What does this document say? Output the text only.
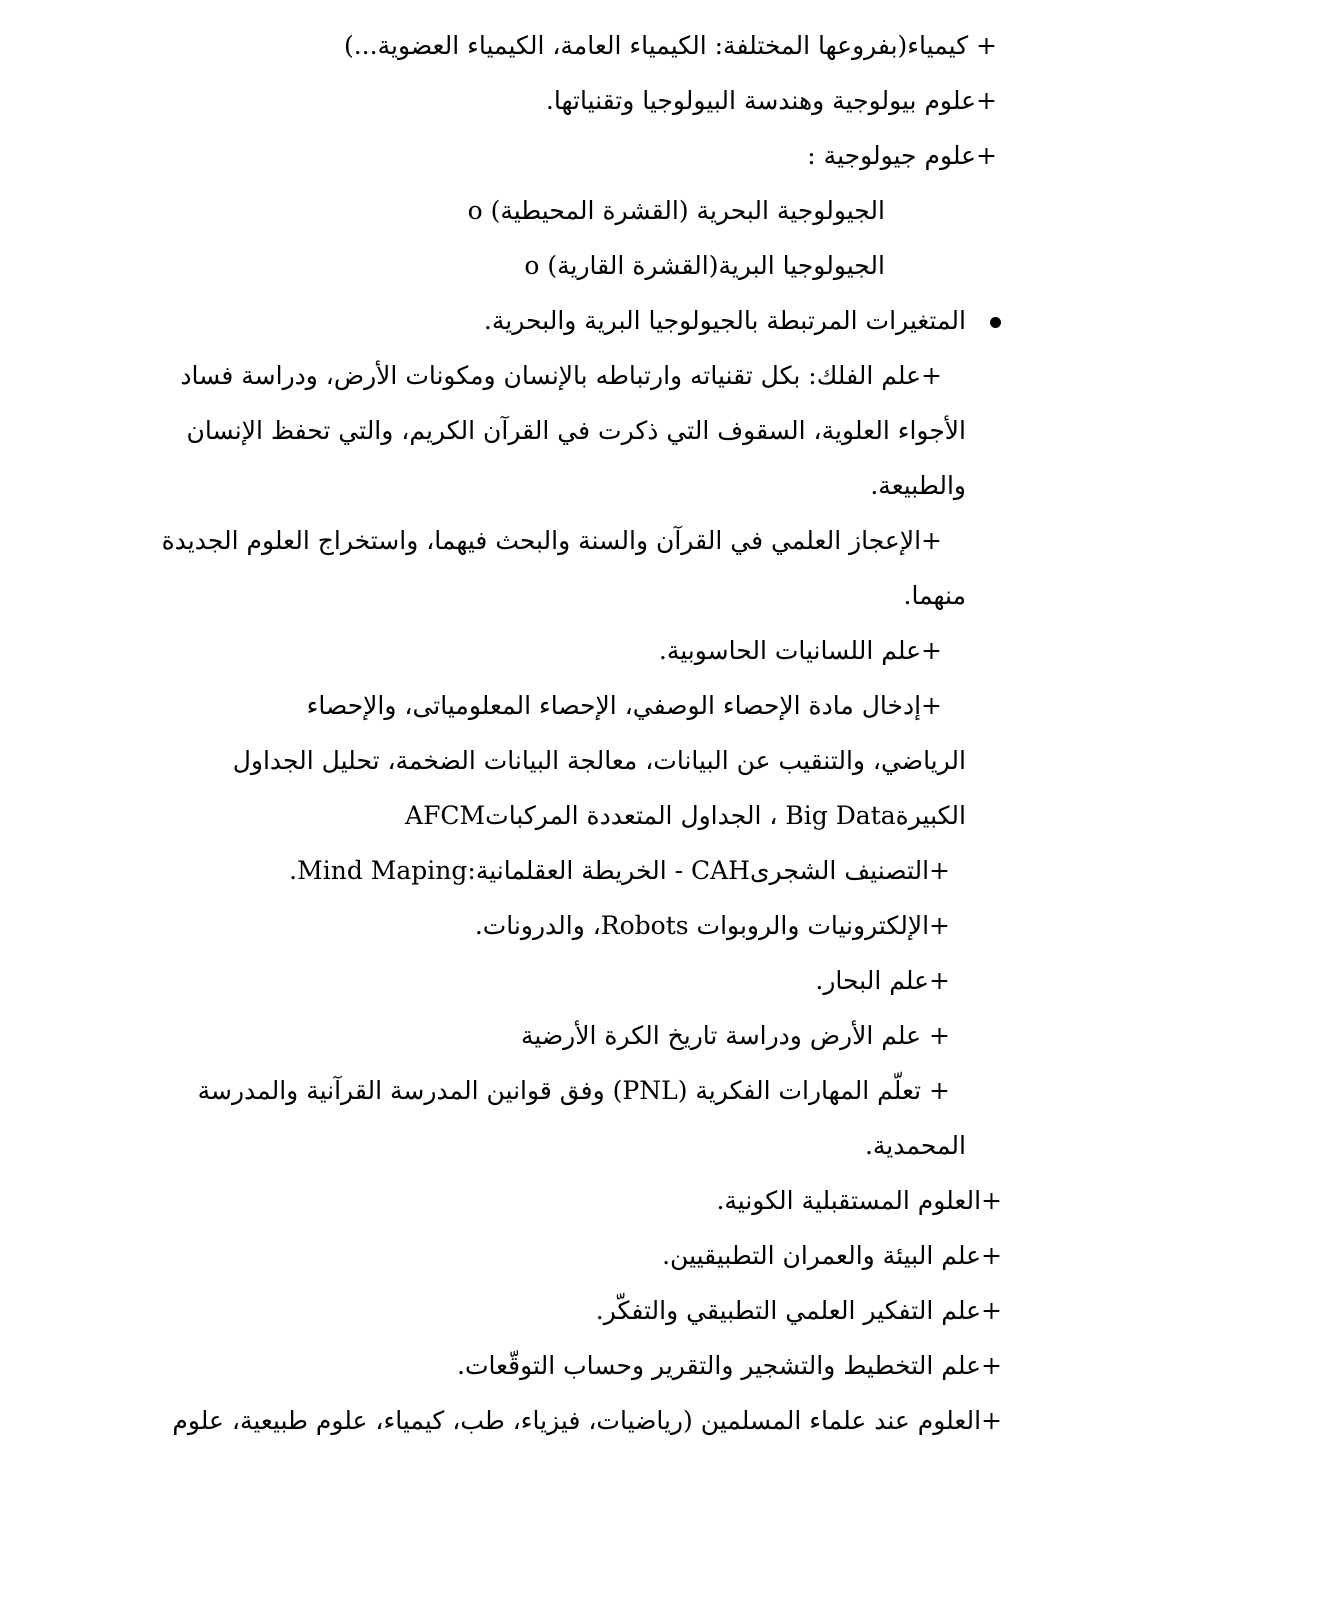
+ كيمياء(بفروعها المختلفة: الكيمياء العامة، الكيمياء العضوية...)
+علوم بيولوجية وهندسة البيولوجيا وتقنياتها.
+علوم جيولوجية :
o الجيولوجية البحرية (القشرة المحيطية)
o الجيولوجيا البرية(القشرة القارية)
المتغيرات المرتبطة بالجيولوجيا البرية والبحرية.
+علم الفلك: بكل تقنياته وارتباطه بالإنسان ومكونات الأرض، ودراسة فساد
الأجواء العلوية، السقوف التي ذكرت في القرآن الكريم، والتي تحفظ الإنسان
والطبيعة.
+الإعجاز العلمي في القرآن والسنة والبحث فيهما، واستخراج العلوم الجديدة
منهما.
+علم اللسانيات الحاسوبية.
+إدخال مادة الإحصاء الوصفي، الإحصاء المعلومياتى، والإحصاء
الرياضي، والتنقيب عن البيانات، معالجة البيانات الضخمة، تحليل الجداول
الكبيرةBig Data ، الجداول المتعددة المركباتAFCM
+التصنيف الشجرىCAH - الخريطة العقلمانية:Mind Maping.
+الإلكترونيات والروبوات Robots، والدرونات.
+علم البحار.
+ علم الأرض ودراسة تاريخ الكرة الأرضية
+ تعلّم المهارات الفكرية (PNL) وفق قوانين المدرسة القرآنية والمدرسة
المحمدية.
+العلوم المستقبلية الكونية.
+علم البيئة والعمران التطبيقيين.
+علم التفكير العلمي التطبيقي والتفكّر.
+علم التخطيط والتشجير والتقرير وحساب التوقّعات.
+العلوم عند علماء المسلمين (رياضيات، فيزياء، طب، كيمياء، علوم طبيعية، علوم
